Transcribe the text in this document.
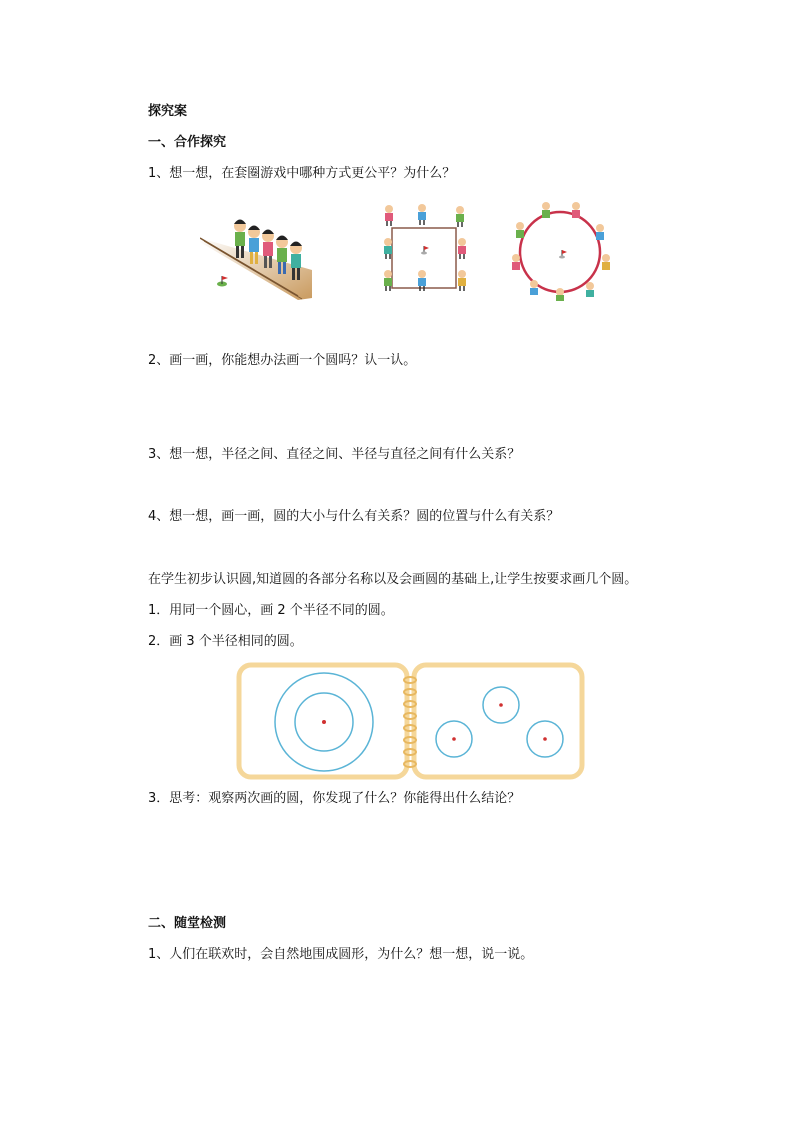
探究案
一、合作探究
1、想一想，在套圈游戏中哪种方式更公平？为什么？
2、画一画，你能想办法画一个圆吗？认一认。
3、想一想，半径之间、直径之间、半径与直径之间有什么关系？
4、想一想，画一画，圆的大小与什么有关系？圆的位置与什么有关系？
在学生初步认识圆,知道圆的各部分名称以及会画圆的基础上,让学生按要求画几个圆。
1．用同一个圆心，画 2 个半径不同的圆。
2．画 3 个半径相同的圆。
3．思考：观察两次画的圆，你发现了什么？你能得出什么结论？
二、随堂检测
1、人们在联欢时，会自然地围成圆形，为什么？想一想，说一说。
